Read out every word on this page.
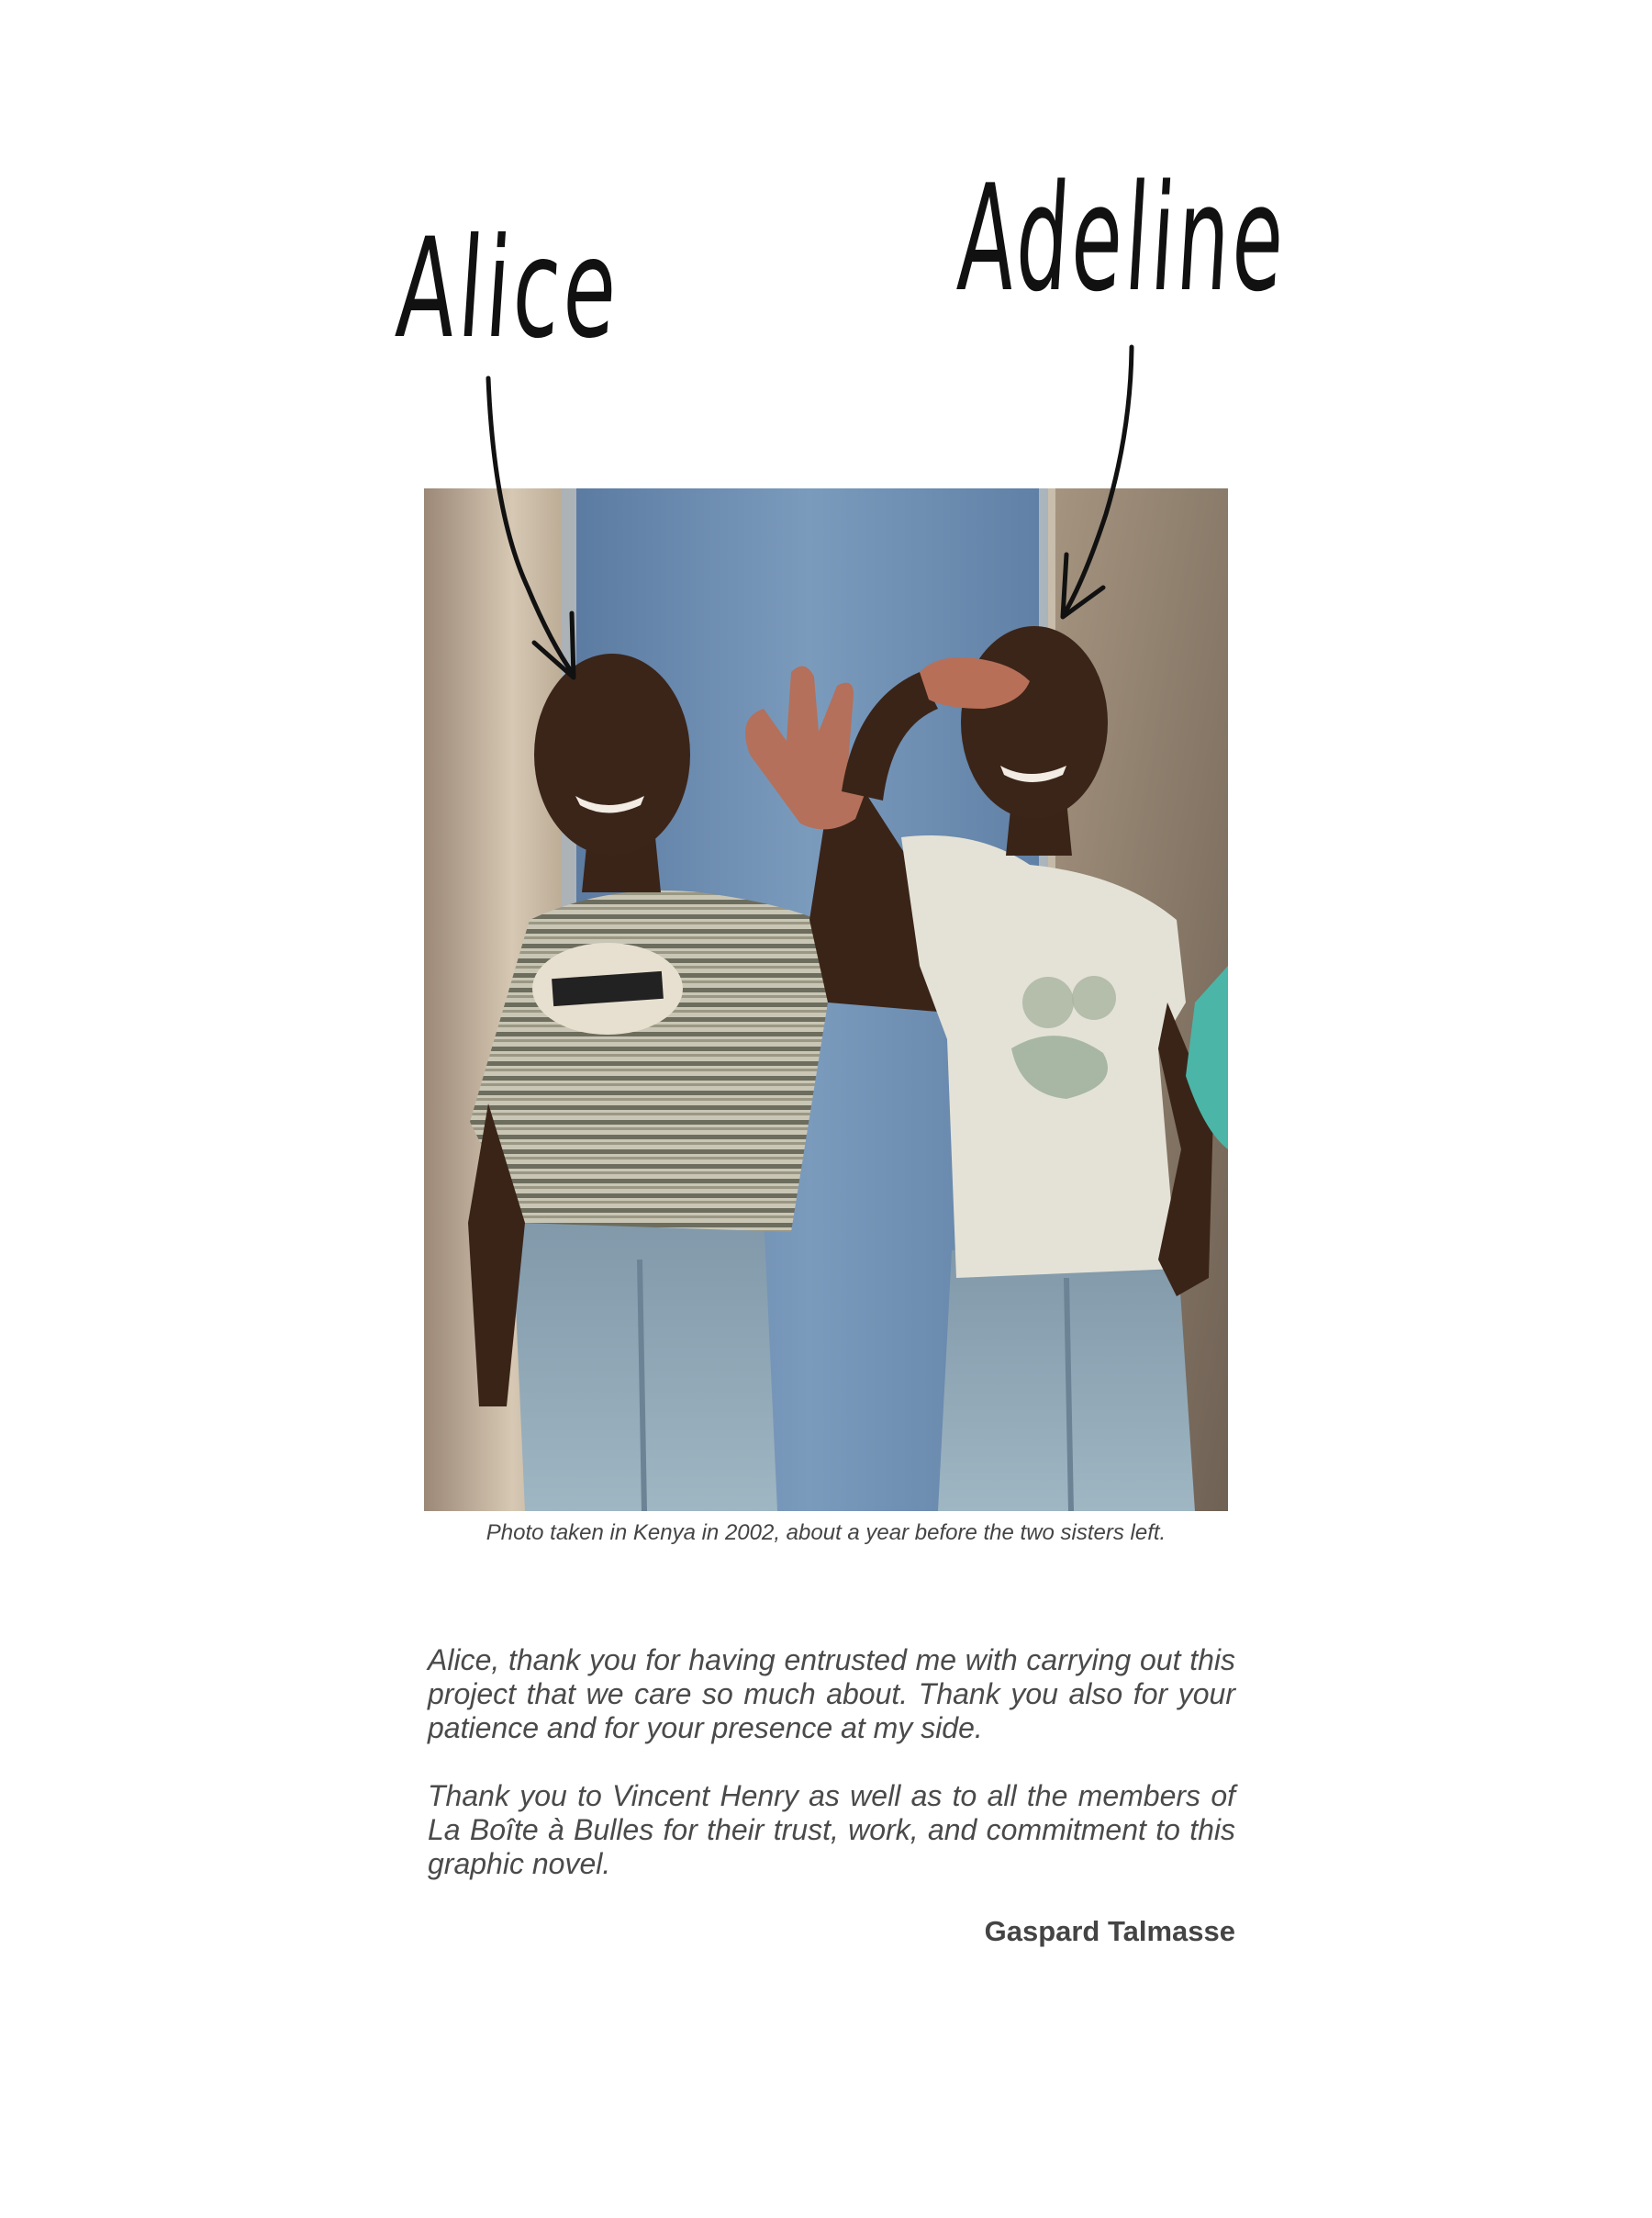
Alice Adeline
Photo taken in Kenya in 2002, about a year before the two sisters left.

Alice, thank you for having entrusted me with carrying out this project that we care so much about. Thank you also for your patience and for your presence at my side.

Thank you to Vincent Henry as well as to all the members of La Boîte à Bulles for their trust, work, and commitment to this graphic novel.

Gaspard Talmasse
